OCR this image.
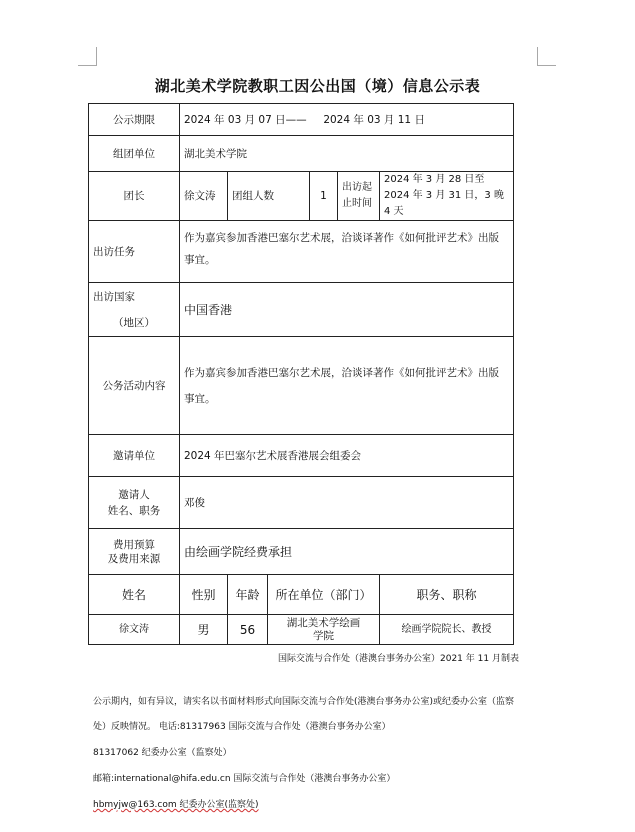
湖北美术学院教职工因公出国（境）信息公示表
公示期限	2024 年 03 月 07 日——     2024 年 03 月 11 日					
组团单位	湖北美术学院					
团长	徐文涛	团组人数		1	出访起止时间	2024 年 3 月 28 日至 2024 年 3 月 31 日，3 晚 4 天
出访任务	作为嘉宾参加香港巴塞尔艺术展，洽谈译著作《如何批评艺术》出版事宜。					

出访国家
（地区）	中国香港					
公务活动内容	作为嘉宾参加香港巴塞尔艺术展，洽谈译著作《如何批评艺术》出版事宜。					
邀请单位	2024 年巴塞尔艺术展香港展会组委会					

邀请人
姓名、职务	邓俊					

费用预算
及费用来源	由绘画学院经费承担					
姓名	性别	年龄	所在单位（部门）			职务、职称
徐文涛	男	56	湖北美术学绘画学院			绘画学院院长、教授
国际交流与合作处（港澳台事务办公室）2021 年 11 月制表
公示期内，如有异议，请实名以书面材料形式向国际交流与合作处(港澳台事务办公室)或纪委办公室（监察
处）反映情况。 电话:81317963 国际交流与合作处（港澳台事务办公室）
81317062 纪委办公室（监察处）
邮箱:international@hifa.edu.cn 国际交流与合作处（港澳台事务办公室）
hbmyjw@163.com 纪委办公室(监察处)
